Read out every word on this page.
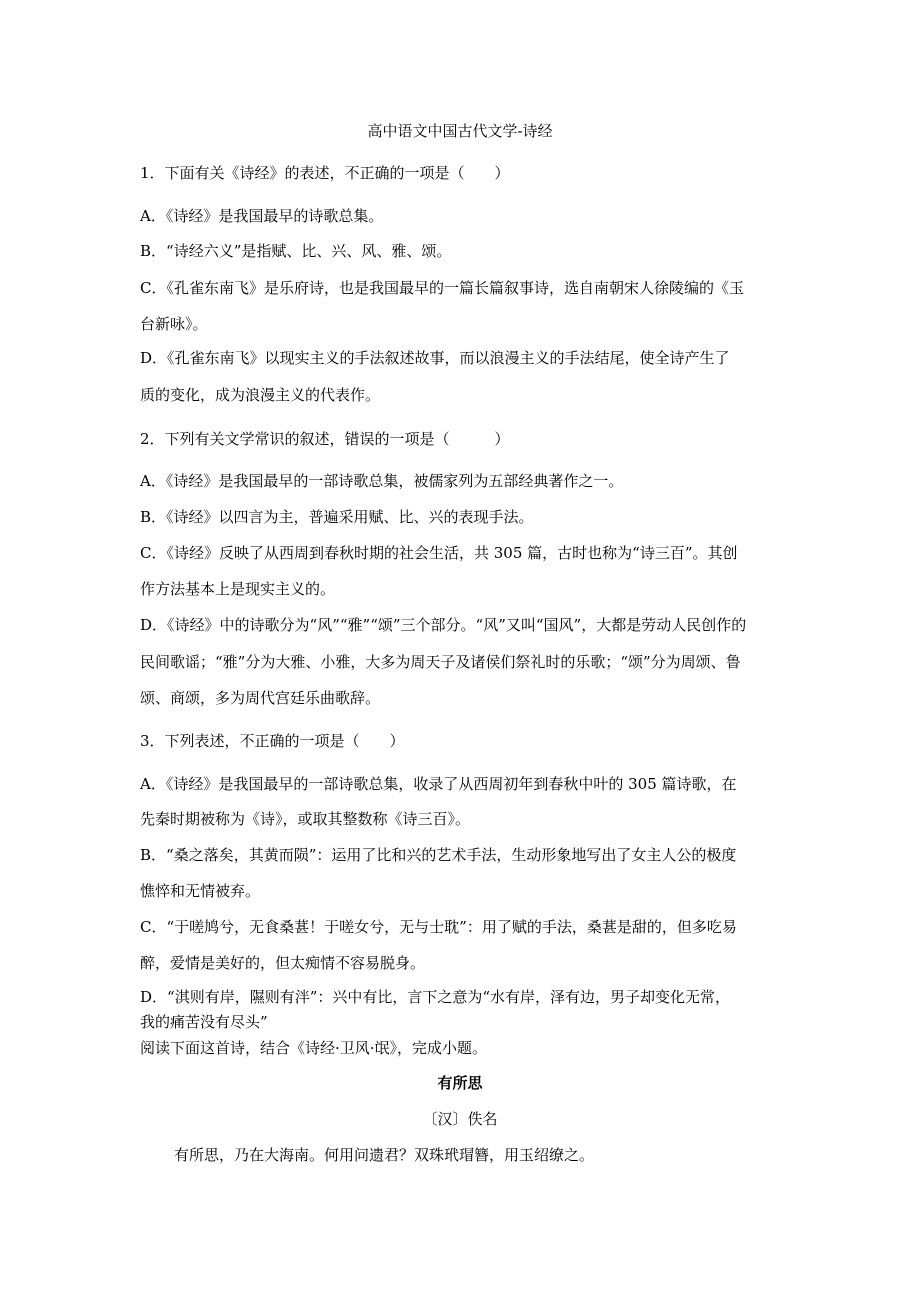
高中语文中国古代文学-诗经
1．下面有关《诗经》的表述，不正确的一项是（　　）
A．《诗经》是我国最早的诗歌总集。
B．“诗经六义”是指赋、比、兴、风、雅、颂。
C．《孔雀东南飞》是乐府诗，也是我国最早的一篇长篇叙事诗，选自南朝宋人徐陵编的《玉
台新咏》。
D．《孔雀东南飞》以现实主义的手法叙述故事，而以浪漫主义的手法结尾，使全诗产生了
质的变化，成为浪漫主义的代表作。
2．下列有关文学常识的叙述，错误的一项是（　　　）
A．《诗经》是我国最早的一部诗歌总集，被儒家列为五部经典著作之一。
B．《诗经》以四言为主，普遍采用赋、比、兴的表现手法。
C．《诗经》反映了从西周到春秋时期的社会生活，共 305 篇，古时也称为“诗三百”。其创
作方法基本上是现实主义的。
D．《诗经》中的诗歌分为“风”“雅”“颂”三个部分。“风”又叫“国风”，大都是劳动人民创作的
民间歌谣；“雅”分为大雅、小雅，大多为周天子及诸侯们祭礼时的乐歌；“颂”分为周颂、鲁
颂、商颂，多为周代宫廷乐曲歌辞。
3．下列表述，不正确的一项是（　　）
A．《诗经》是我国最早的一部诗歌总集，收录了从西周初年到春秋中叶的 305 篇诗歌，在
先秦时期被称为《诗》，或取其整数称《诗三百》。
B．“桑之落矣，其黄而陨”：运用了比和兴的艺术手法，生动形象地写出了女主人公的极度
憔悴和无情被弃。
C．“于嗟鸠兮，无食桑葚！于嗟女兮，无与士耽”：用了赋的手法，桑葚是甜的，但多吃易
醉，爱情是美好的，但太痴情不容易脱身。
D．“淇则有岸，隰则有泮”：兴中有比，言下之意为“水有岸，泽有边，男子却变化无常，
我的痛苦没有尽头”
阅读下面这首诗，结合《诗经·卫风·氓》，完成小题。
有所思
〔汉〕佚名
有所思，乃在大海南。何用问遗君？双珠玳瑁簪，用玉绍缭之。
